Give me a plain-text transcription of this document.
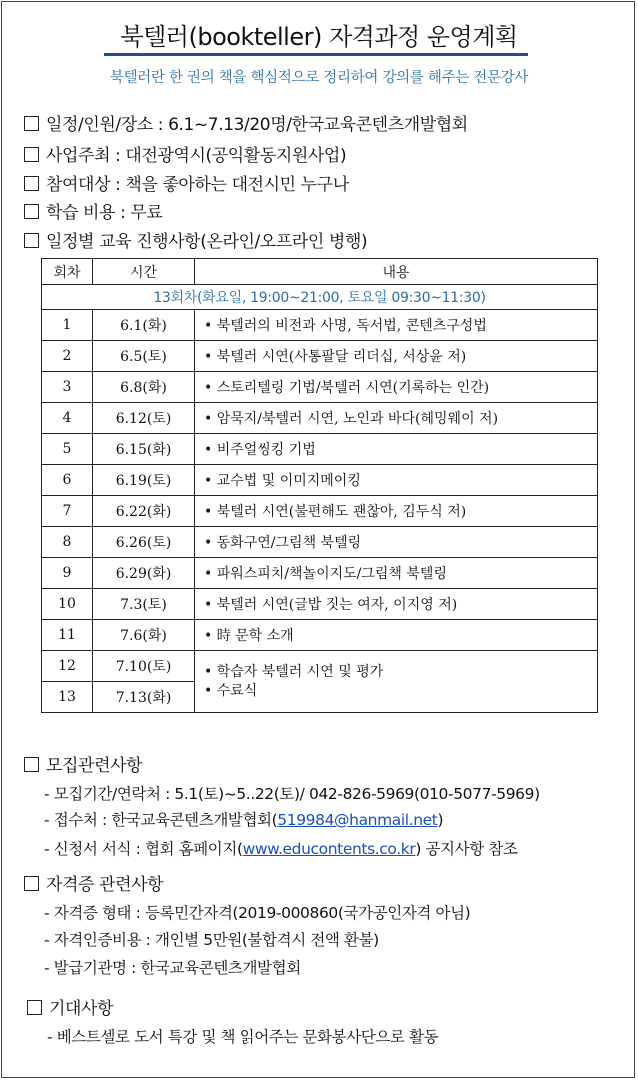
북텔러(bookteller) 자격과정 운영계획
북텔러란 한 권의 책을 핵심적으로 정리하여 강의를 해주는 전문강사
일정/인원/장소 : 6.1~7.13/20명/한국교육콘텐츠개발협회
사업주최 : 대전광역시(공익활동지원사업)
참여대상 : 책을 좋아하는 대전시민 누구나
학습 비용 : 무료
일정별 교육 진행사항(온라인/오프라인 병행)
회차	시간	내용
13회차(화요일, 19:00~21:00, 토요일 09:30~11:30)		
1	6.1(화)	• 북텔러의 비전과 사명, 독서법, 콘텐츠구성법
2	6.5(토)	• 북텔러 시연(사통팔달 리더십, 서상윤 저)
3	6.8(화)	• 스토리텔링 기법/북텔러 시연(기록하는 인간)
4	6.12(토)	• 암묵지/북텔러 시연, 노인과 바다(헤밍웨이 저)
5	6.15(화)	• 비주얼씽킹 기법
6	6.19(토)	• 교수법 및 이미지메이킹
7	6.22(화)	• 북텔러 시연(불편해도 괜찮아, 김두식 저)
8	6.26(토)	• 동화구연/그림책 북텔링
9	6.29(화)	• 파워스피치/책놀이지도/그림책 북텔링
10	7.3(토)	• 북텔러 시연(글밥 짓는 여자, 이지영 저)
11	7.6(화)	• 時 문학 소개
12	7.10(토)	• 학습자 북텔러 시연 및 평가
• 수료식

13	7.13(화)	
모집관련사항
- 모집기간/연락처 : 5.1(토)~5..22(토)/ 042-826-5969(010-5077-5969)
- 접수처 : 한국교육콘텐츠개발협회(519984@hanmail.net)
- 신청서 서식 : 협회 홈페이지(www.educontents.co.kr) 공지사항 참조
자격증 관련사항
- 자격증 형태 : 등록민간자격(2019-000860(국가공인자격 아님)
- 자격인증비용 : 개인별 5만원(불합격시 전액 환불)
- 발급기관명 : 한국교육콘텐츠개발협회
기대사항
- 베스트셀로 도서 특강 및 책 읽어주는 문화봉사단으로 활동
